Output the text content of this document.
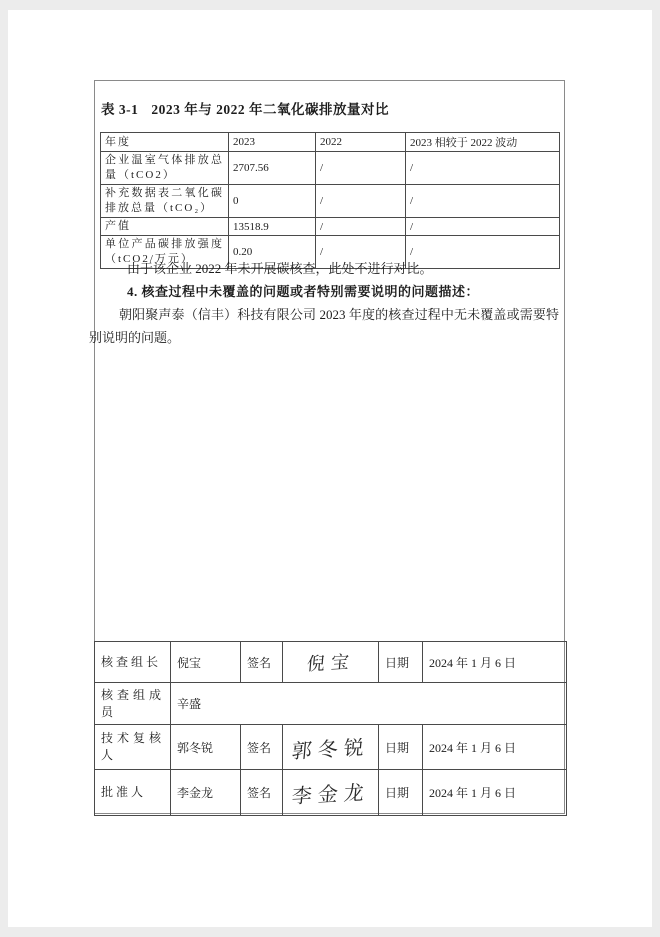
表 3-1 2023 年与 2022 年二氧化碳排放量对比
年度	2023	2022	2023 相较于 2022 波动
企业温室气体排放总量（tCO2）	2707.56	/	/
补充数据表二氧化碳排放总量（tCO₂）	0	/	/
产值	13518.9	/	/
单位产品碳排放强度（tCO2/万元）	0.20	/	/

由于该企业 2022 年未开展碳核查，此处不进行对比。

4. 核查过程中未覆盖的问题或者特别需要说明的问题描述：

朝阳聚声泰（信丰）科技有限公司 2023 年度的核查过程中无未覆盖或需要特别说明的问题。

核查组长	倪宝	签名	倪宝	日期	2024 年 1 月 6 日
核查组成员	辛盛				
技术复核人	郭冬锐	签名	郭冬锐	日期	2024 年 1 月 6 日
批准人	李金龙	签名	李金龙	日期	2024 年 1 月 6 日
